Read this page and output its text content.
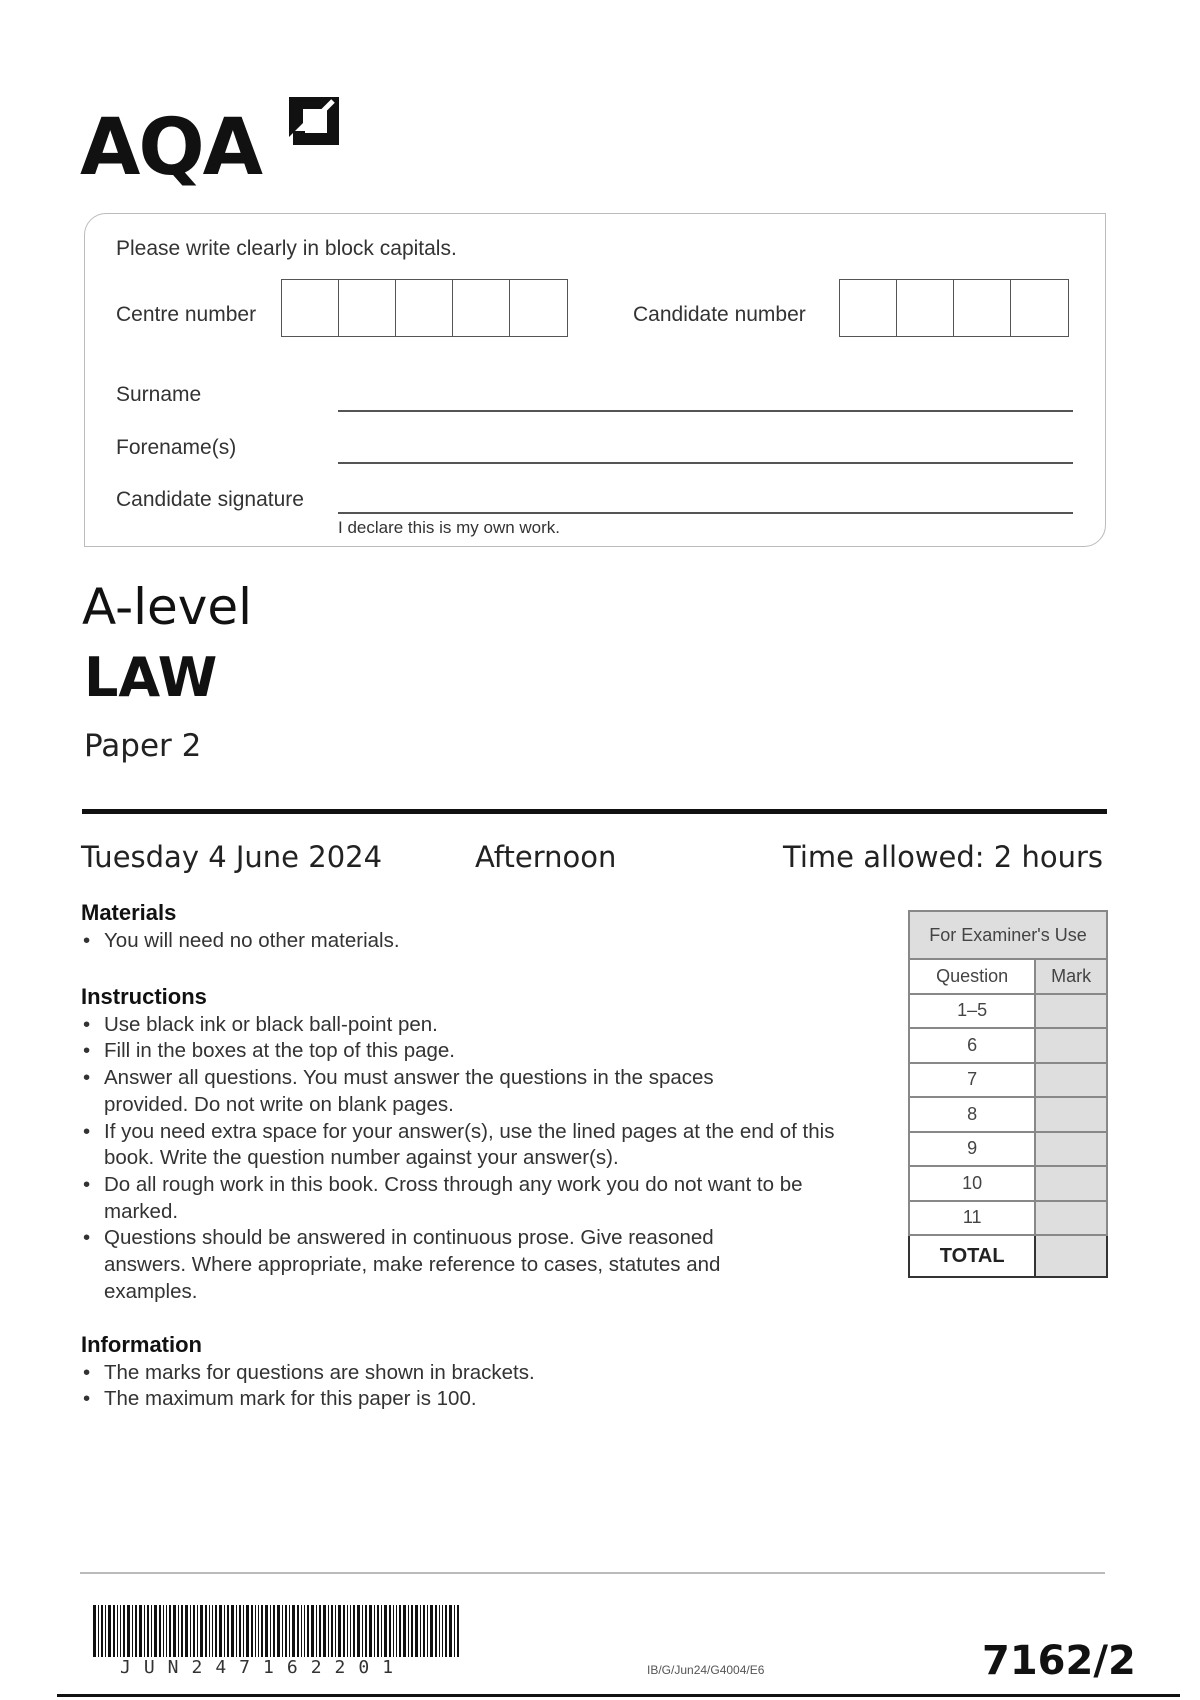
AQA
Please write clearly in block capitals.
Centre number	Candidate number
Surname
Forename(s)
Candidate signature
I declare this is my own work.
A-level
LAW
Paper 2
Tuesday 4 June 2024	Afternoon	Time allowed: 2 hours
Materials
• You will need no other materials.
Instructions
• Use black ink or black ball-point pen.
• Fill in the boxes at the top of this page.
• Answer all questions. You must answer the questions in the spaces provided. Do not write on blank pages.
• If you need extra space for your answer(s), use the lined pages at the end of this book. Write the question number against your answer(s).
• Do all rough work in this book. Cross through any work you do not want to be marked.
• Questions should be answered in continuous prose. Give reasoned answers. Where appropriate, make reference to cases, statutes and examples.
Information
• The marks for questions are shown in brackets.
• The maximum mark for this paper is 100.
For Examiner's Use	
Question	Mark
1–5	
6	
7	
8	
9	
10	
11	
TOTAL	
JUN247162201	IB/G/Jun24/G4004/E6	7162/2
